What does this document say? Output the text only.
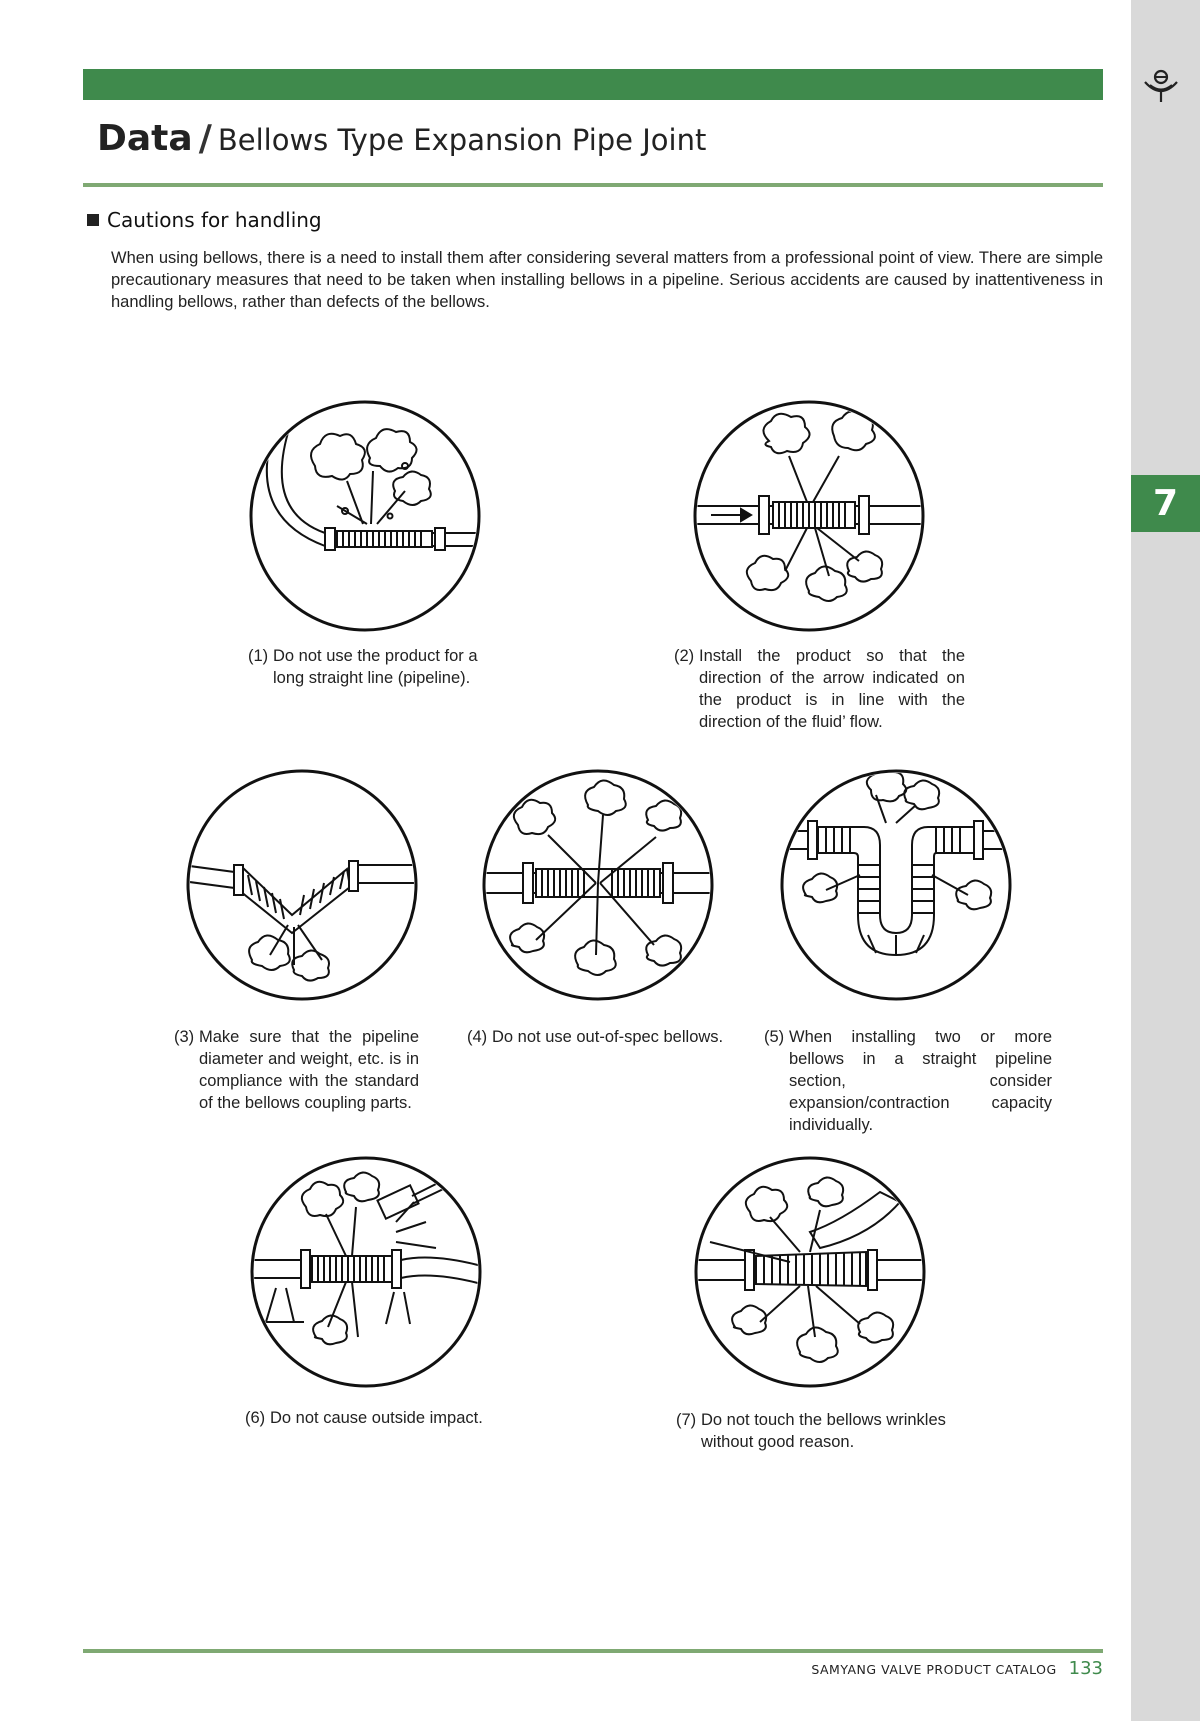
7
Data / Bellows Type Expansion Pipe Joint
Cautions for handling
When using bellows, there is a need to install them after considering several matters from a professional point of view. There are simple precautionary measures that need to be taken when installing bellows in a pipeline. Serious accidents are caused by inattentiveness in handling bellows, rather than defects of the bellows.
(1) Do not use the product for a long straight line (pipeline).
(2) Install the product so that the direction of the arrow indicated on the product is in line with the direction of the fluid’ flow.
(3) Make sure that the pipeline diameter and weight, etc. is in compliance with the standard of the bellows coupling parts.
(4) Do not use out-of-spec bellows.	(5) When installing two or more bellows in a straight pipeline section, consider expansion/contraction capacity individually.
(6) Do not cause outside impact.	(7) Do not touch the bellows wrinkles without good reason.
SAMYANG VALVE PRODUCT CATALOG 133
